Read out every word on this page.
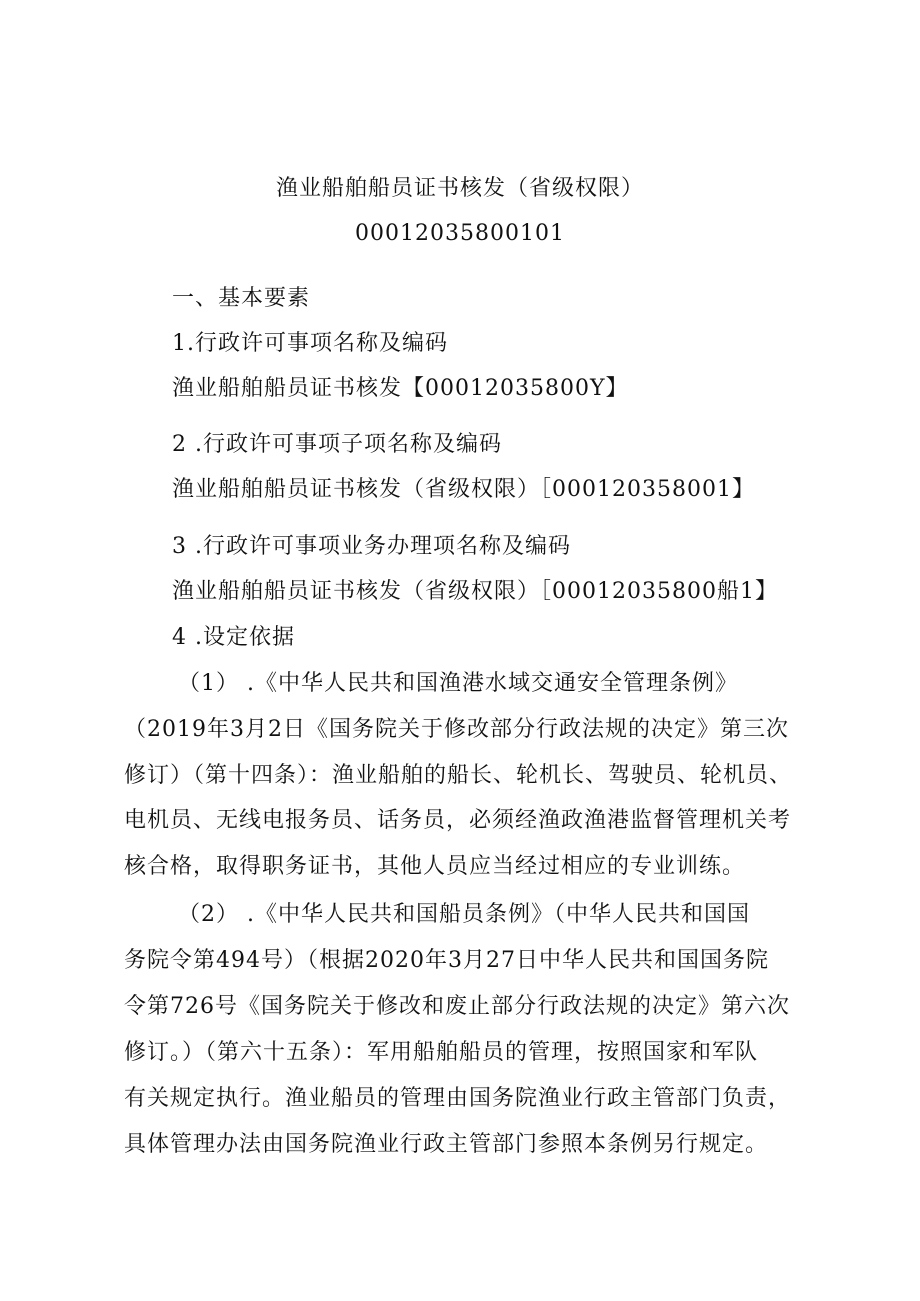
渔业船舶船员证书核发（省级权限）
00012035800101
一、基本要素
1.行政许可事项名称及编码
渔业船舶船员证书核发【00012035800Y】
2 .行政许可事项子项名称及编码
渔业船舶船员证书核发（省级权限）［000120358001】
3 .行政许可事项业务办理项名称及编码
渔业船舶船员证书核发（省级权限）［00012035800船1】
4 .设定依据
（1） .《中华人民共和国渔港水域交通安全管理条例》
（2019年3月2日《国务院关于修改部分行政法规的决定》第三次
修订）（第十四条）：渔业船舶的船长、轮机长、驾驶员、轮机员、
电机员、无线电报务员、话务员，必须经渔政渔港监督管理机关考
核合格，取得职务证书，其他人员应当经过相应的专业训练。
（2） .《中华人民共和国船员条例》（中华人民共和国国
务院令第494号）（根据2020年3月27日中华人民共和国国务院
令第726号《国务院关于修改和废止部分行政法规的决定》第六次
修订。）（第六十五条）：军用船舶船员的管理，按照国家和军队
有关规定执行。渔业船员的管理由国务院渔业行政主管部门负责，
具体管理办法由国务院渔业行政主管部门参照本条例另行规定。
